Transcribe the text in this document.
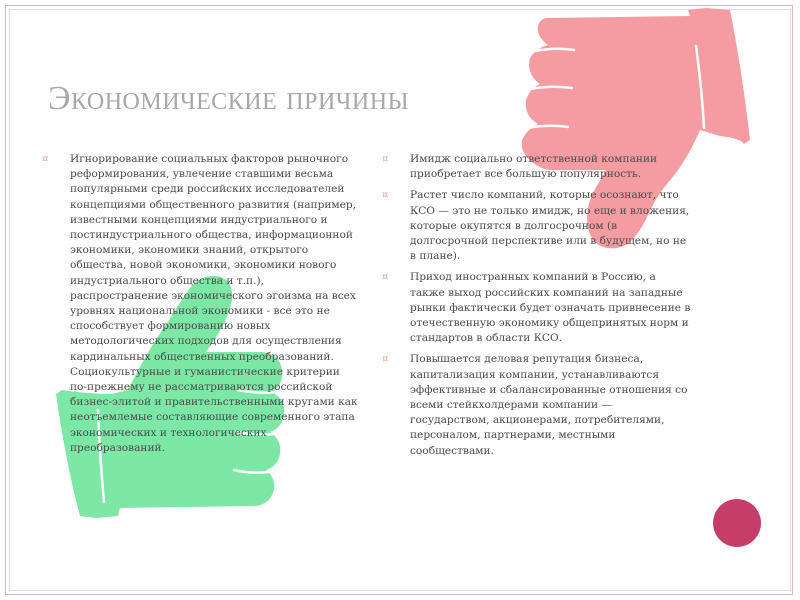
Экономические причины
¤ Игнорирование социальных факторов рыночного реформирования, увлечение ставшими весьма популярными среди российских исследователей концепциями общественного развития (например, известными концепциями индустриального и постиндустриального общества, информационной экономики, экономики знаний, открытого общества, новой экономики, экономики нового индустриального общества и т.п.), распространение экономического эгоизма на всех уровнях национальной экономики - все это не способствует формированию новых методологических подходов для осуществления кардинальных общественных преобразований. Социокультурные и гуманистические критерии по-прежнему не рассматриваются российской бизнес-элитой и правительственными кругами как неотъемлемые составляющие современного этапа экономических и технологических преобразований.
¤ Имидж социально ответственной компании приобретает все большую популярность.
¤ Растет число компаний, которые осознают, что КСО — это не только имидж, но еще и вложения, которые окупятся в долгосрочном (в долгосрочной перспективе или в будущем, но не в плане).
¤ Приход иностранных компаний в Россию, а также выход российских компаний на западные рынки фактически будет означать привнесение в отечественную экономику общепринятых норм и стандартов в области КСО.
¤ Повышается деловая репутация бизнеса, капитализация компании, устанавливаются эффективные и сбалансированные отношения со всеми стейкхолдерами компании — государством, акционерами, потребителями, персоналом, партнерами, местными сообществами.
